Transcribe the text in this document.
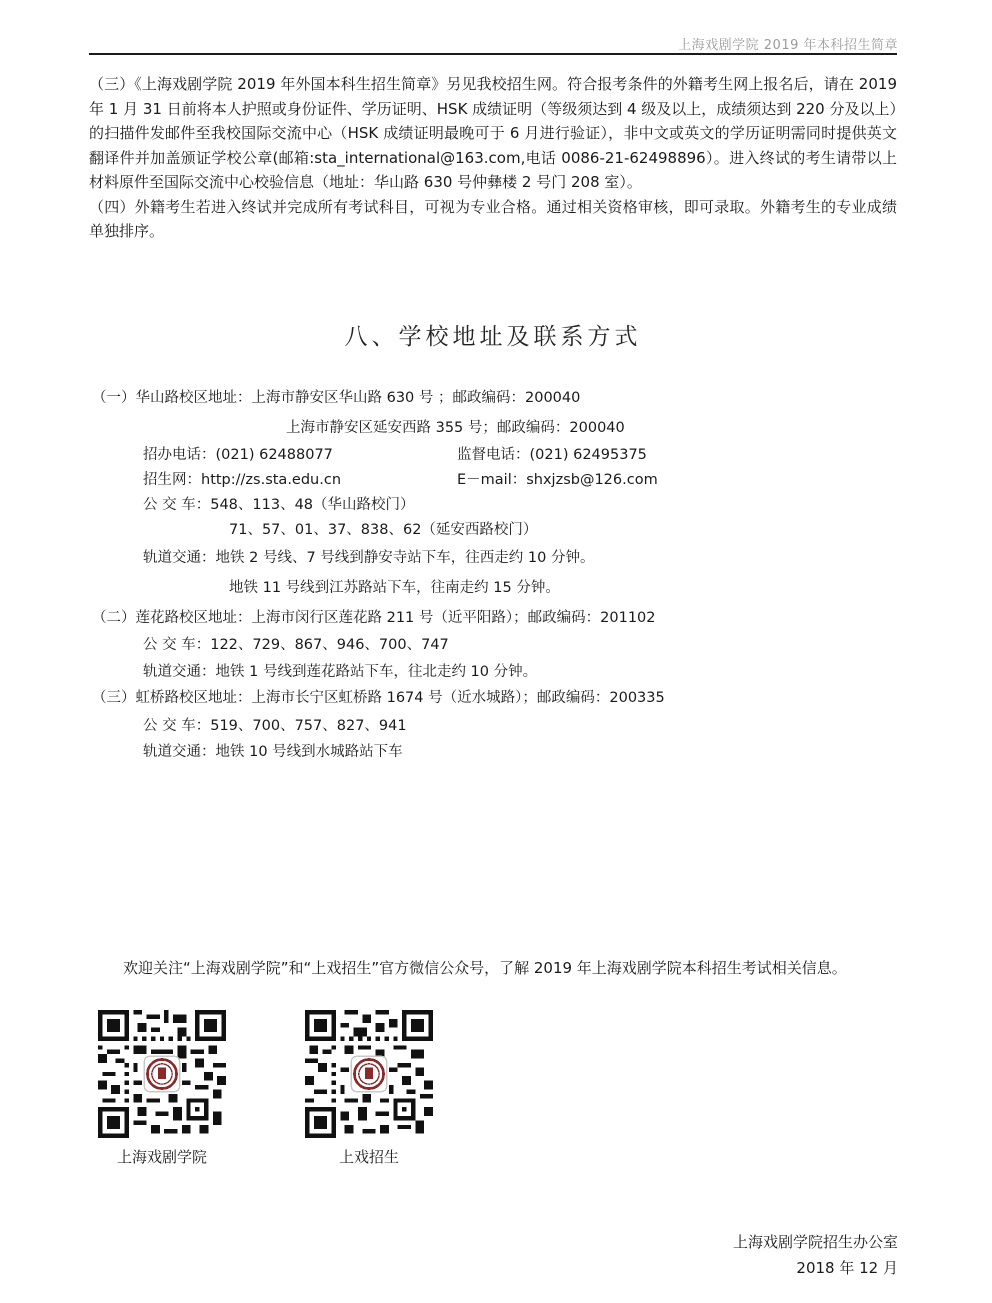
上海戏剧学院 2019 年本科招生简章

（三）《上海戏剧学院 2019 年外国本科生招生简章》另见我校招生网。符合报考条件的外籍考生网上报名后，请在 2019 年 1 月 31 日前将本人护照或身份证件、学历证明、HSK 成绩证明（等级须达到 4 级及以上，成绩须达到 220 分及以上）的扫描件发邮件至我校国际交流中心（HSK 成绩证明最晚可于 6 月进行验证），非中文或英文的学历证明需同时提供英文翻译件并加盖颁证学校公章(邮箱:sta_international@163.com,电话 0086-21-62498896）。进入终试的考生请带以上材料原件至国际交流中心校验信息（地址：华山路 630 号仲彝楼 2 号门 208 室）。

（四）外籍考生若进入终试并完成所有考试科目，可视为专业合格。通过相关资格审核，即可录取。外籍考生的专业成绩单独排序。

八、学校地址及联系方式
（一）华山路校区地址：上海市静安区华山路 630 号 ；邮政编码：200040
上海市静安区延安西路 355 号；邮政编码：200040
招办电话：(021) 62488077	监督电话：(021) 62495375
招生网：http://zs.sta.edu.cn	E－mail：shxjzsb@126.com
公 交 车：548、113、48（华山路校门）
71、57、01、37、838、62（延安西路校门）
轨道交通：地铁 2 号线、7 号线到静安寺站下车，往西走约 10 分钟。
地铁 11 号线到江苏路站下车，往南走约 15 分钟。
（二）莲花路校区地址：上海市闵行区莲花路 211 号（近平阳路）；邮政编码：201102
公 交 车：122、729、867、946、700、747
轨道交通：地铁 1 号线到莲花路站下车，往北走约 10 分钟。
（三）虹桥路校区地址：上海市长宁区虹桥路 1674 号（近水城路）；邮政编码：200335
公 交 车：519、700、757、827、941
轨道交通：地铁 10 号线到水城路站下车
欢迎关注“上海戏剧学院”和“上戏招生”官方微信公众号，了解 2019 年上海戏剧学院本科招生考试相关信息。
上海戏剧学院	上戏招生
上海戏剧学院招生办公室
2018 年 12 月
